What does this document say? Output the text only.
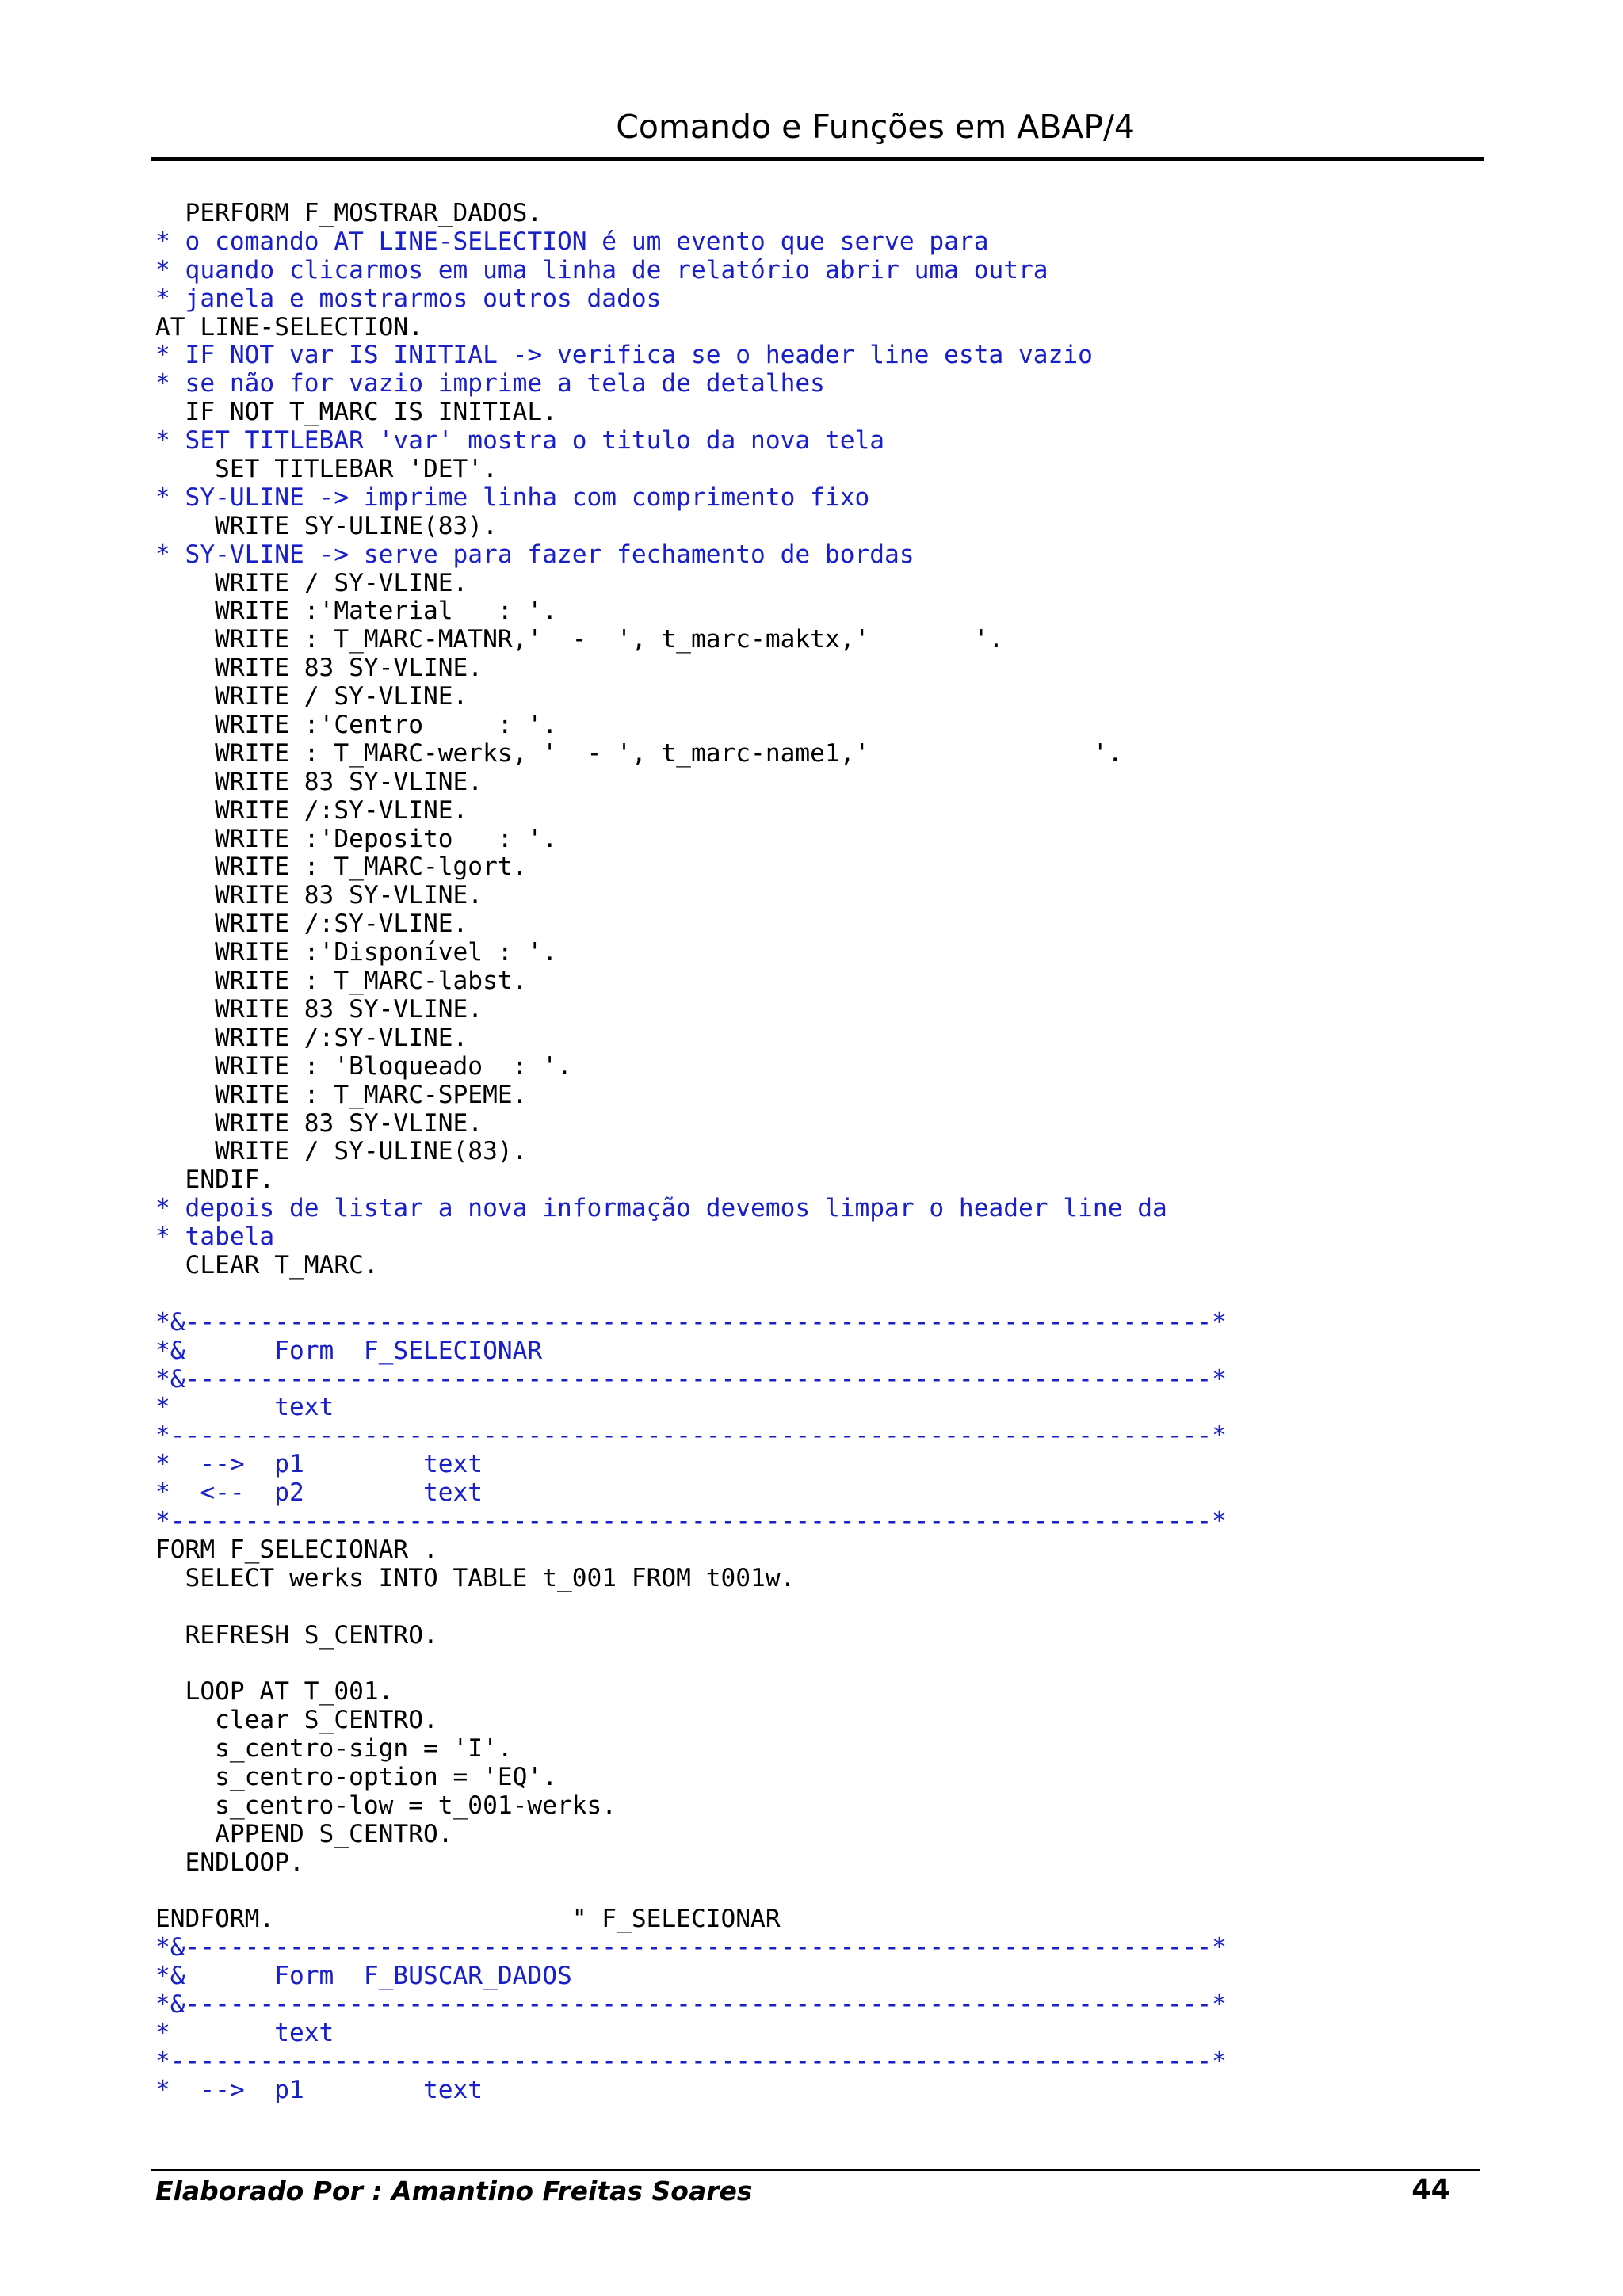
Comando e Funções em ABAP/4
PERFORM F_MOSTRAR_DADOS.
* o comando AT LINE-SELECTION é um evento que serve para
* quando clicarmos em uma linha de relatório abrir uma outra
* janela e mostrarmos outros dados
AT LINE-SELECTION.
* IF NOT var IS INITIAL -> verifica se o header line esta vazio
* se não for vazio imprime a tela de detalhes
IF NOT T_MARC IS INITIAL.
* SET TITLEBAR 'var' mostra o titulo da nova tela
SET TITLEBAR 'DET'.
* SY-ULINE -> imprime linha com comprimento fixo
WRITE SY-ULINE(83).
* SY-VLINE -> serve para fazer fechamento de bordas
WRITE / SY-VLINE.
WRITE :'Material   : '.
WRITE : T_MARC-MATNR,'  -  ', t_marc-maktx,'       '.
WRITE 83 SY-VLINE.
WRITE / SY-VLINE.
WRITE :'Centro     : '.
WRITE : T_MARC-werks, '  - ', t_marc-name1,'               '.
WRITE 83 SY-VLINE.
WRITE /:SY-VLINE.
WRITE :'Deposito   : '.
WRITE : T_MARC-lgort.
WRITE 83 SY-VLINE.
WRITE /:SY-VLINE.
WRITE :'Disponível : '.
WRITE : T_MARC-labst.
WRITE 83 SY-VLINE.
WRITE /:SY-VLINE.
WRITE : 'Bloqueado  : '.
WRITE : T_MARC-SPEME.
WRITE 83 SY-VLINE.
WRITE / SY-ULINE(83).
ENDIF.
* depois de listar a nova informação devemos limpar o header line da
* tabela
CLEAR T_MARC.
*&---------------------------------------------------------------------*
*&      Form  F_SELECIONAR
*&---------------------------------------------------------------------*
*       text
*----------------------------------------------------------------------*
*  -->  p1        text
*  <--  p2        text
*----------------------------------------------------------------------*
FORM F_SELECIONAR .
SELECT werks INTO TABLE t_001 FROM t001w.
REFRESH S_CENTRO.
LOOP AT T_001.
clear S_CENTRO.
s_centro-sign = 'I'.
s_centro-option = 'EQ'.
s_centro-low = t_001-werks.
APPEND S_CENTRO.
ENDLOOP.
ENDFORM.                    " F_SELECIONAR
*&---------------------------------------------------------------------*
*&      Form  F_BUSCAR_DADOS
*&---------------------------------------------------------------------*
*       text
*----------------------------------------------------------------------*
*  -->  p1        text
Elaborado Por : Amantino Freitas Soares	44
